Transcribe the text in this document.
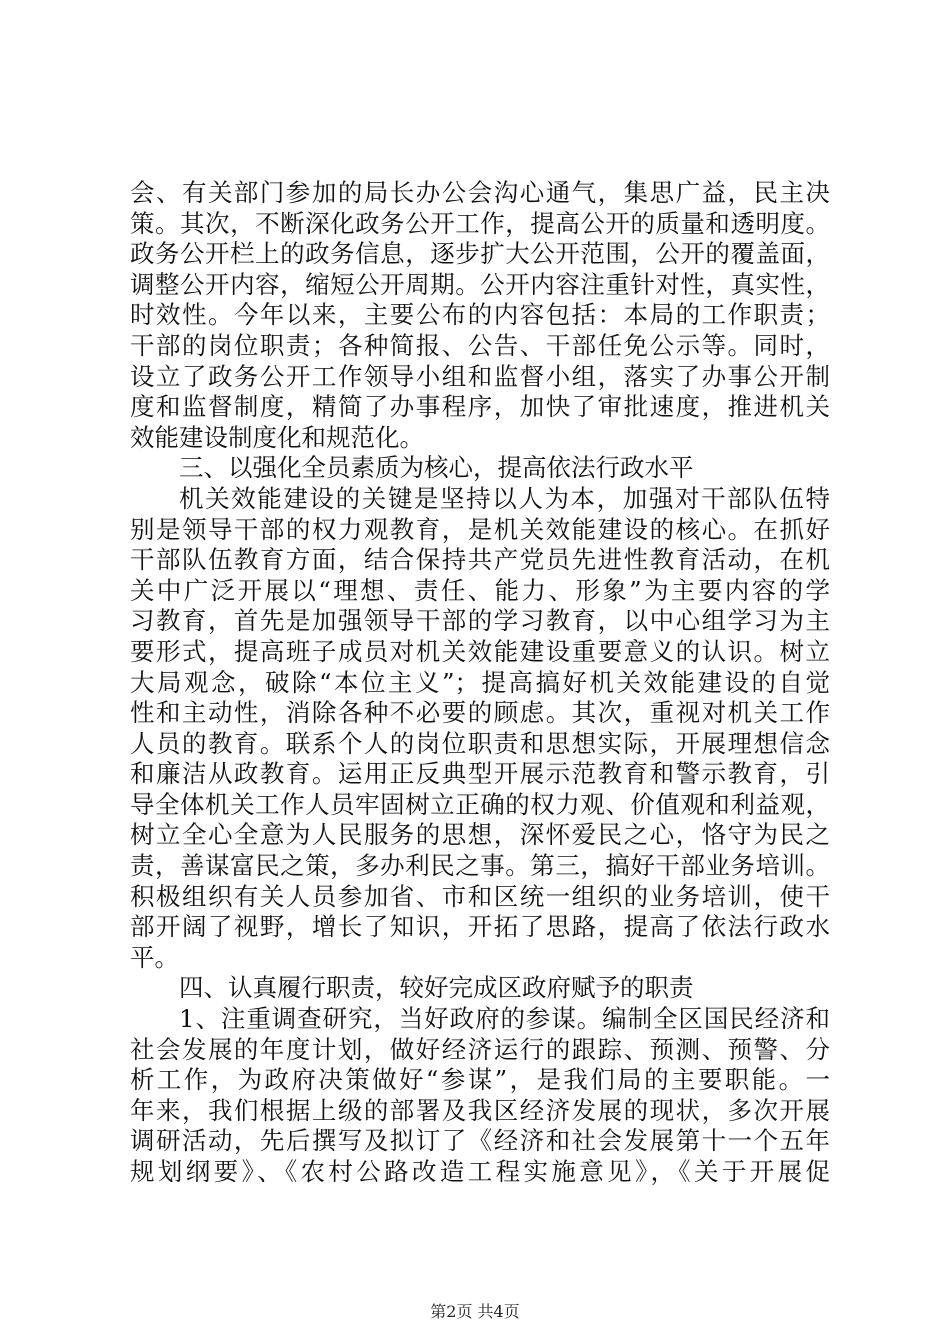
会、有关部门参加的局长办公会沟心通气，集思广益，民主决
策。其次，不断深化政务公开工作，提高公开的质量和透明度。
政务公开栏上的政务信息，逐步扩大公开范围，公开的覆盖面，
调整公开内容，缩短公开周期。公开内容注重针对性，真实性，
时效性。今年以来，主要公布的内容包括：本局的工作职责；
干部的岗位职责；各种简报、公告、干部任免公示等。同时，
设立了政务公开工作领导小组和监督小组，落实了办事公开制
度和监督制度，精简了办事程序，加快了审批速度，推进机关
效能建设制度化和规范化。
三、以强化全员素质为核心，提高依法行政水平
机关效能建设的关键是坚持以人为本，加强对干部队伍特
别是领导干部的权力观教育，是机关效能建设的核心。在抓好
干部队伍教育方面，结合保持共产党员先进性教育活动，在机
关中广泛开展以“理想、责任、能力、形象”为主要内容的学
习教育，首先是加强领导干部的学习教育，以中心组学习为主
要形式，提高班子成员对机关效能建设重要意义的认识。树立
大局观念，破除“本位主义”；提高搞好机关效能建设的自觉
性和主动性，消除各种不必要的顾虑。其次，重视对机关工作
人员的教育。联系个人的岗位职责和思想实际，开展理想信念
和廉洁从政教育。运用正反典型开展示范教育和警示教育，引
导全体机关工作人员牢固树立正确的权力观、价值观和利益观，
树立全心全意为人民服务的思想，深怀爱民之心，恪守为民之
责，善谋富民之策，多办利民之事。第三，搞好干部业务培训。
积极组织有关人员参加省、市和区统一组织的业务培训，使干
部开阔了视野，增长了知识，开拓了思路，提高了依法行政水
平。
四、认真履行职责，较好完成区政府赋予的职责
1、注重调查研究，当好政府的参谋。编制全区国民经济和
社会发展的年度计划，做好经济运行的跟踪、预测、预警、分
析工作，为政府决策做好“参谋”，是我们局的主要职能。一
年来，我们根据上级的部署及我区经济发展的现状，多次开展
调研活动，先后撰写及拟订了《经济和社会发展第十一个五年
规划纲要》、《农村公路改造工程实施意见》，《关于开展促
第2页 共4页
